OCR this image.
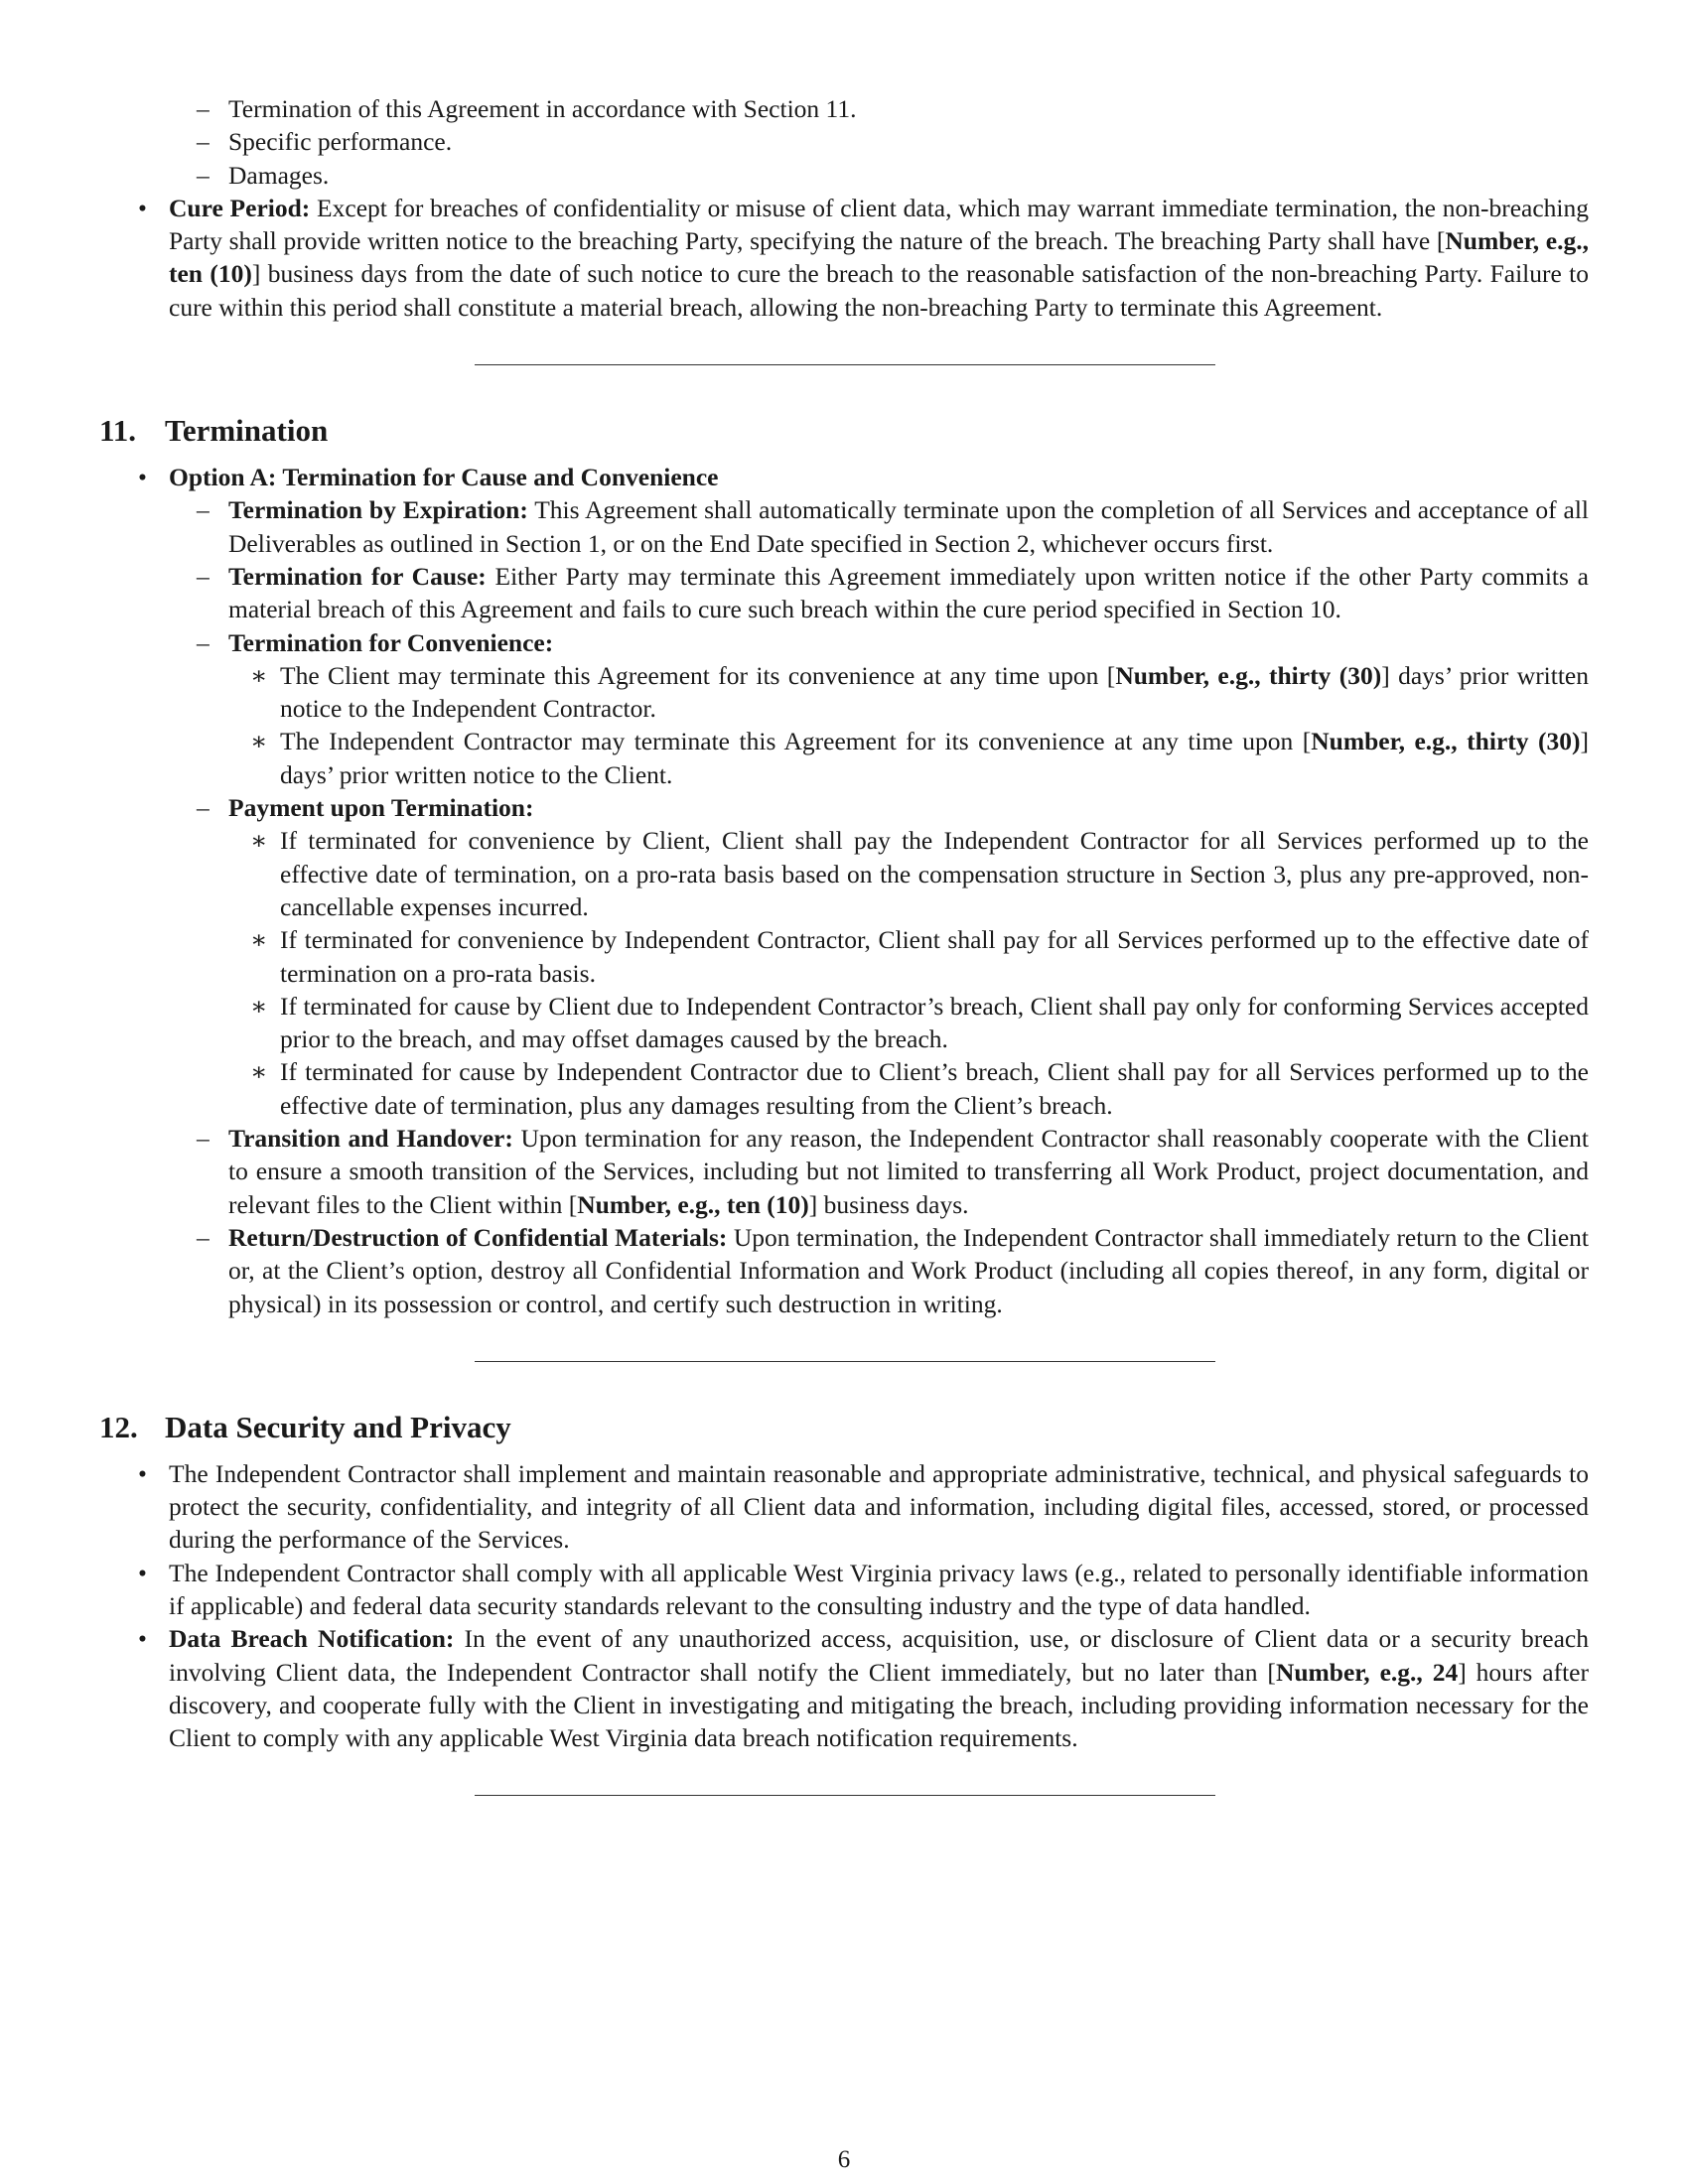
– Termination of this Agreement in accordance with Section 11.
– Specific performance.
– Damages.
• Cure Period: Except for breaches of confidentiality or misuse of client data, which may warrant immediate termination, the non-breaching Party shall provide written notice to the breaching Party, specifying the nature of the breach. The breaching Party shall have [Number, e.g., ten (10)] business days from the date of such notice to cure the breach to the reasonable satisfaction of the non-breaching Party. Failure to cure within this period shall constitute a material breach, allowing the non-breaching Party to terminate this Agreement.
11. Termination
• Option A: Termination for Cause and Convenience
– Termination by Expiration: This Agreement shall automatically terminate upon the completion of all Services and acceptance of all Deliverables as outlined in Section 1, or on the End Date specified in Section 2, whichever occurs first.
– Termination for Cause: Either Party may terminate this Agreement immediately upon written notice if the other Party commits a material breach of this Agreement and fails to cure such breach within the cure period specified in Section 10.
– Termination for Convenience:
∗ The Client may terminate this Agreement for its convenience at any time upon [Number, e.g., thirty (30)] days’ prior written notice to the Independent Contractor.
∗ The Independent Contractor may terminate this Agreement for its convenience at any time upon [Number, e.g., thirty (30)] days’ prior written notice to the Client.
– Payment upon Termination:
∗ If terminated for convenience by Client, Client shall pay the Independent Contractor for all Services performed up to the effective date of termination, on a pro-rata basis based on the compensation structure in Section 3, plus any pre-approved, non-cancellable expenses incurred.
∗ If terminated for convenience by Independent Contractor, Client shall pay for all Services performed up to the effective date of termination on a pro-rata basis.
∗ If terminated for cause by Client due to Independent Contractor’s breach, Client shall pay only for conforming Services accepted prior to the breach, and may offset damages caused by the breach.
∗ If terminated for cause by Independent Contractor due to Client’s breach, Client shall pay for all Services performed up to the effective date of termination, plus any damages resulting from the Client’s breach.
– Transition and Handover: Upon termination for any reason, the Independent Contractor shall reasonably cooperate with the Client to ensure a smooth transition of the Services, including but not limited to transferring all Work Product, project documentation, and relevant files to the Client within [Number, e.g., ten (10)] business days.
– Return/Destruction of Confidential Materials: Upon termination, the Independent Contractor shall immediately return to the Client or, at the Client’s option, destroy all Confidential Information and Work Product (including all copies thereof, in any form, digital or physical) in its possession or control, and certify such destruction in writing.
12. Data Security and Privacy
• The Independent Contractor shall implement and maintain reasonable and appropriate administrative, technical, and physical safeguards to protect the security, confidentiality, and integrity of all Client data and information, including digital files, accessed, stored, or processed during the performance of the Services.
• The Independent Contractor shall comply with all applicable West Virginia privacy laws (e.g., related to personally identifiable information if applicable) and federal data security standards relevant to the consulting industry and the type of data handled.
• Data Breach Notification: In the event of any unauthorized access, acquisition, use, or disclosure of Client data or a security breach involving Client data, the Independent Contractor shall notify the Client immediately, but no later than [Number, e.g., 24] hours after discovery, and cooperate fully with the Client in investigating and mitigating the breach, including providing information necessary for the Client to comply with any applicable West Virginia data breach notification requirements.
6
